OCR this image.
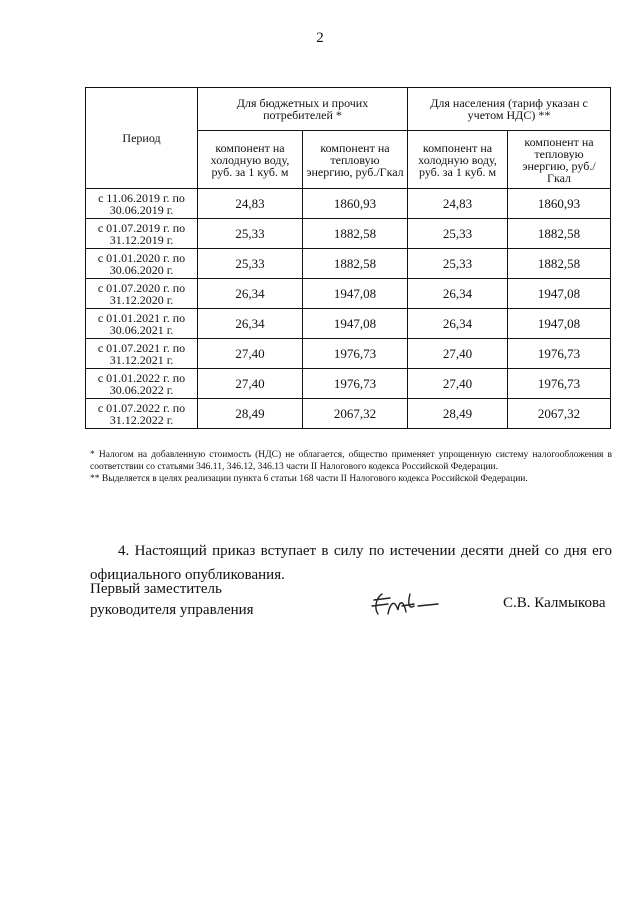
2
Период	Для бюджетных и прочих потребителей *		Для населения (тариф указан с учетом НДС) **	
	компонент на холодную воду, руб. за 1 куб. м	компонент на тепловую энергию, руб./Гкал	компонент на холодную воду, руб. за 1 куб. м	компонент на тепловую энергию, руб./Гкал
с 11.06.2019 г. по 30.06.2019 г.	24,83	1860,93	24,83	1860,93
с 01.07.2019 г. по 31.12.2019 г.	25,33	1882,58	25,33	1882,58
с 01.01.2020 г. по 30.06.2020 г.	25,33	1882,58	25,33	1882,58
с 01.07.2020 г. по 31.12.2020 г.	26,34	1947,08	26,34	1947,08
с 01.01.2021 г. по 30.06.2021 г.	26,34	1947,08	26,34	1947,08
с 01.07.2021 г. по 31.12.2021 г.	27,40	1976,73	27,40	1976,73
с 01.01.2022 г. по 30.06.2022 г.	27,40	1976,73	27,40	1976,73
с 01.07.2022 г. по 31.12.2022 г.	28,49	2067,32	28,49	2067,32

* Налогом на добавленную стоимость (НДС) не облагается, общество применяет упрощенную систему налогообложения в соответствии со статьями 346.11, 346.12, 346.13 части II Налогового кодекса Российской Федерации.

** Выделяется в целях реализации пункта 6 статьи 168 части II Налогового кодекса Российской Федерации.

4. Настоящий приказ вступает в силу по истечении десяти дней со дня его официального опубликования.

Первый заместитель
руководителя управления	С.В. Калмыкова
